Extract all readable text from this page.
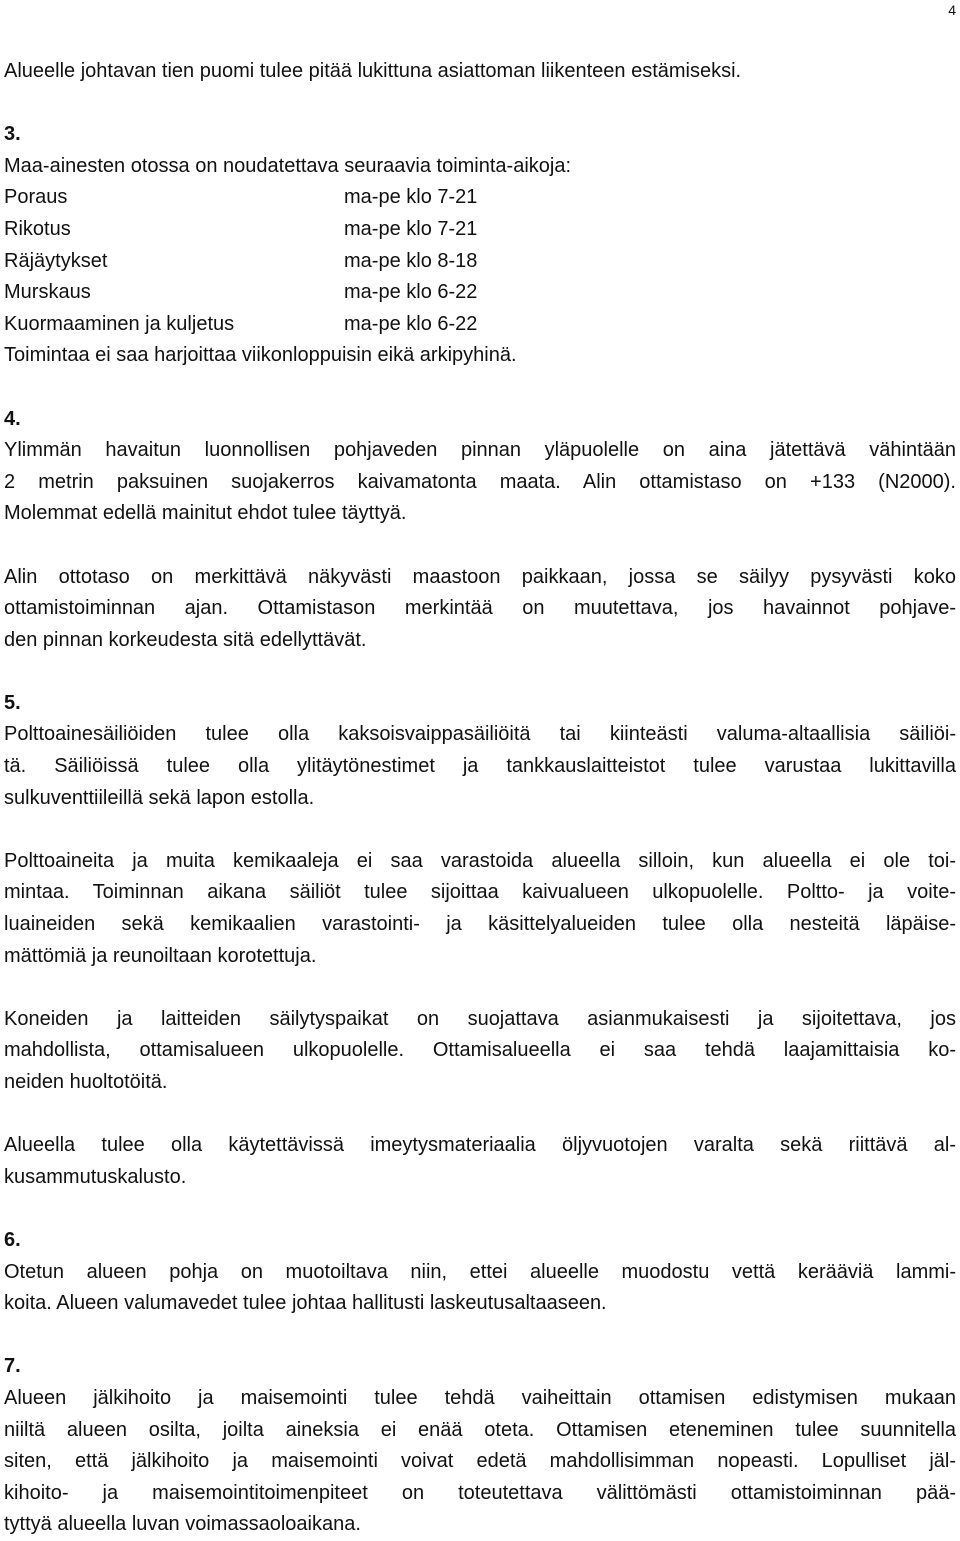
4
Alueelle johtavan tien puomi tulee pitää lukittuna asiattoman liikenteen estämiseksi.
3.
Maa-ainesten otossa on noudatettava seuraavia toiminta-aikoja:
Poraus	ma-pe klo 7-21
Rikotus	ma-pe klo 7-21
Räjäytykset	ma-pe klo 8-18
Murskaus	ma-pe klo 6-22
Kuormaaminen ja kuljetus	ma-pe klo 6-22
Toimintaa ei saa harjoittaa viikonloppuisin eikä arkipyhinä.
4.
Ylimmän havaitun luonnollisen pohjaveden pinnan yläpuolelle on aina jätettävä vähintään
2 metrin paksuinen suojakerros kaivamatonta maata. Alin ottamistaso on +133 (N2000).
Molemmat edellä mainitut ehdot tulee täyttyä.
Alin ottotaso on merkittävä näkyvästi maastoon paikkaan, jossa se säilyy pysyvästi koko
ottamistoiminnan ajan. Ottamistason merkintää on muutettava, jos havainnot pohjave-
den pinnan korkeudesta sitä edellyttävät.
5.
Polttoainesäiliöiden tulee olla kaksoisvaippasäiliöitä tai kiinteästi valuma-altaallisia säiliöi-
tä. Säiliöissä tulee olla ylitäytönestimet ja tankkauslaitteistot tulee varustaa lukittavilla
sulkuventtiileillä sekä lapon estolla.
Polttoaineita ja muita kemikaaleja ei saa varastoida alueella silloin, kun alueella ei ole toi-
mintaa. Toiminnan aikana säiliöt tulee sijoittaa kaivualueen ulkopuolelle. Poltto- ja voite-
luaineiden sekä kemikaalien varastointi- ja käsittelyalueiden tulee olla nesteitä läpäise-
mättömiä ja reunoiltaan korotettuja.
Koneiden ja laitteiden säilytyspaikat on suojattava asianmukaisesti ja sijoitettava, jos
mahdollista, ottamisalueen ulkopuolelle. Ottamisalueella ei saa tehdä laajamittaisia ko-
neiden huoltotöitä.
Alueella tulee olla käytettävissä imeytysmateriaalia öljyvuotojen varalta sekä riittävä al-
kusammutuskalusto.
6.
Otetun alueen pohja on muotoiltava niin, ettei alueelle muodostu vettä kerääviä lammi-
koita. Alueen valumavedet tulee johtaa hallitusti laskeutusaltaaseen.
7.
Alueen jälkihoito ja maisemointi tulee tehdä vaiheittain ottamisen edistymisen mukaan
niiltä alueen osilta, joilta aineksia ei enää oteta. Ottamisen eteneminen tulee suunnitella
siten, että jälkihoito ja maisemointi voivat edetä mahdollisimman nopeasti. Lopulliset jäl-
kihoito- ja maisemointitoimenpiteet on toteutettava välittömästi ottamistoiminnan pää-
tyttyä alueella luvan voimassaoloaikana.
